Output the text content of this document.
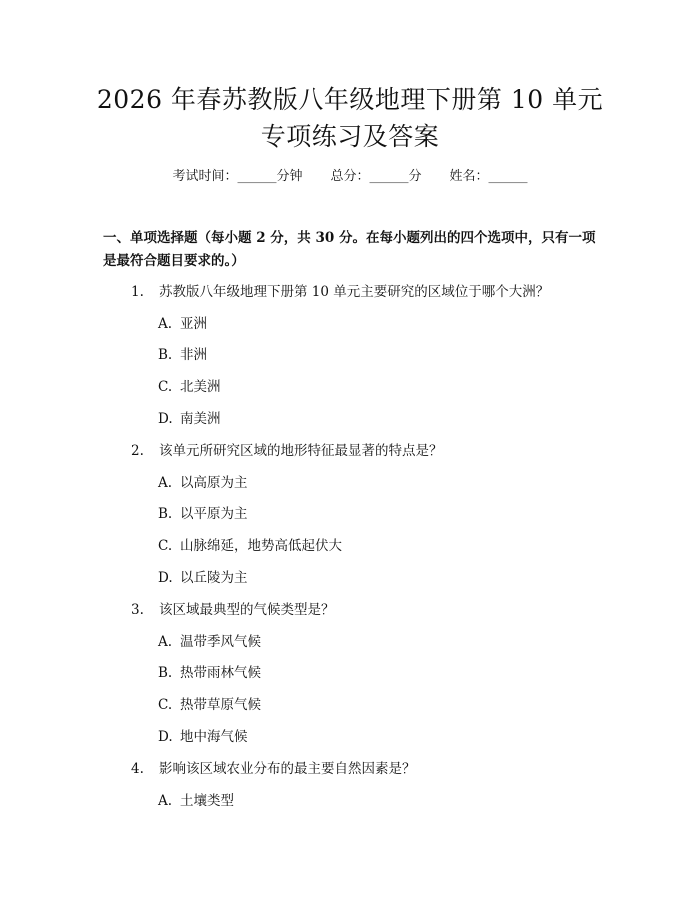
2026 年春苏教版八年级地理下册第 10 单元
专项练习及答案
考试时间：______分钟 总分：______分 姓名：______
一、单项选择题（每小题 2 分，共 30 分。在每小题列出的四个选项中，只有一项是最符合题目要求的。）
1. 苏教版八年级地理下册第 10 单元主要研究的区域位于哪个大洲？
A. 亚洲
B. 非洲
C. 北美洲
D. 南美洲
2. 该单元所研究区域的地形特征最显著的特点是？
A. 以高原为主
B. 以平原为主
C. 山脉绵延，地势高低起伏大
D. 以丘陵为主
3. 该区域最典型的气候类型是？
A. 温带季风气候
B. 热带雨林气候
C. 热带草原气候
D. 地中海气候
4. 影响该区域农业分布的最主要自然因素是？
A. 土壤类型
